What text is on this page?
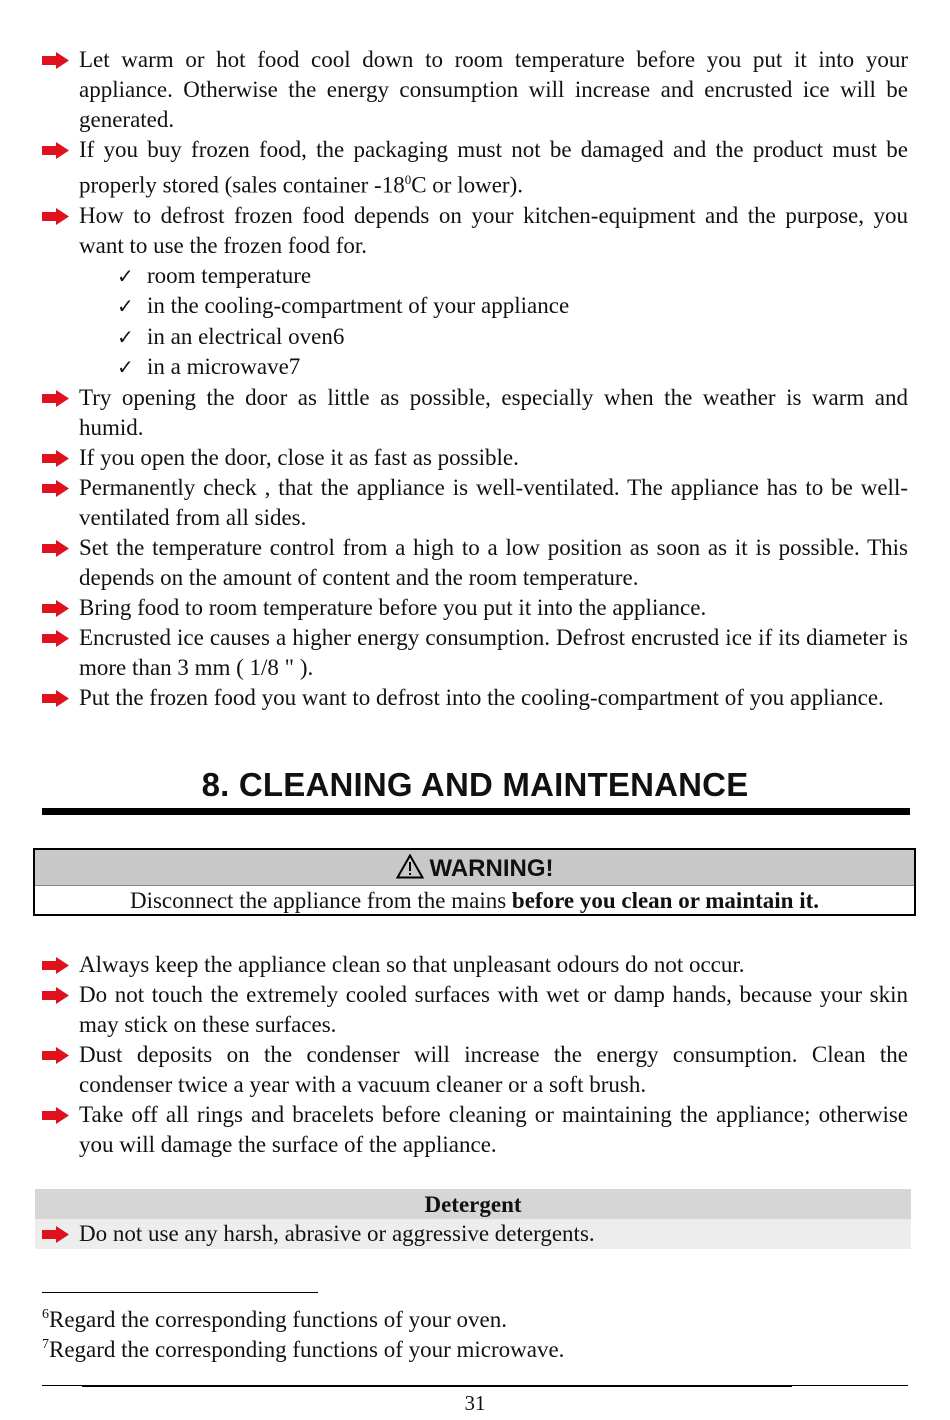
Let warm or hot food cool down to room temperature before you put it into your appliance. Otherwise the energy consumption will increase and encrusted ice will be generated.
If you buy frozen food, the packaging must not be damaged and the product must be properly stored (sales container $-18^0C$ or lower).
How to defrost frozen food depends on your kitchen-equipment and the purpose, you want to use the frozen food for.
✓ room temperature
✓ in the cooling-compartment of your appliance
✓ in an electrical oven6
✓ in a microwave7
Try opening the door as little as possible, especially when the weather is warm and humid.
If you open the door, close it as fast as possible.
Permanently check , that the appliance is well-ventilated. The appliance has to be well-ventilated from all sides.
Set the temperature control from a high to a low position as soon as it is possible. This depends on the amount of content and the room temperature.
Bring food to room temperature before you put it into the appliance.
Encrusted ice causes a higher energy consumption. Defrost encrusted ice if its diameter is more than 3 mm ( 1/8 " ).
Put the frozen food you want to defrost into the cooling-compartment of you appliance.
8. CLEANING AND MAINTENANCE
WARNING!
Disconnect the appliance from the mains before you clean or maintain it.
Always keep the appliance clean so that unpleasant odours do not occur.
Do not touch the extremely cooled surfaces with wet or damp hands, because your skin may stick on these surfaces.
Dust deposits on the condenser will increase the energy consumption. Clean the condenser twice a year with a vacuum cleaner or a soft brush.
Take off all rings and bracelets before cleaning or maintaining the appliance; otherwise you will damage the surface of the appliance.
Detergent
Do not use any harsh, abrasive or aggressive detergents.
$^6$Regard the corresponding functions of your oven.
$^7$Regard the corresponding functions of your microwave.
31
